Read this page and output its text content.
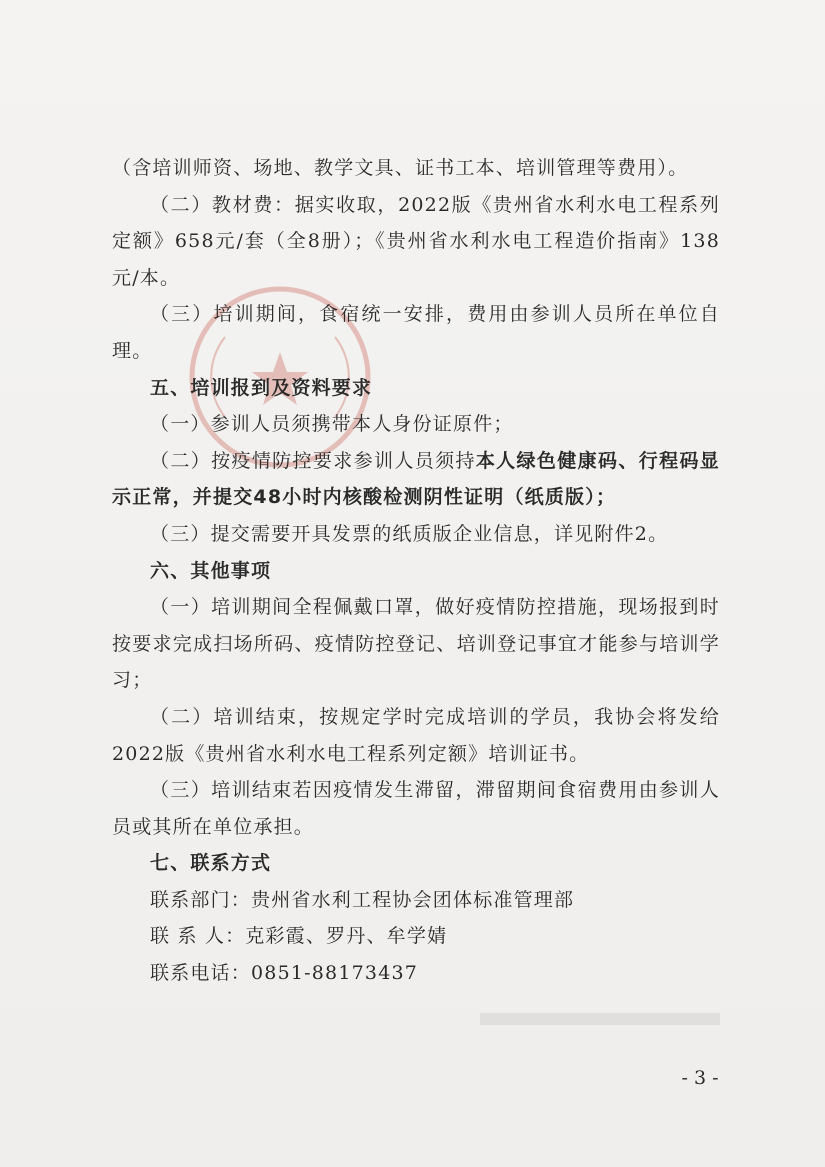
（含培训师资、场地、教学文具、证书工本、培训管理等费用）。

（二）教材费：据实收取，2022版《贵州省水利水电工程系列定额》658元/套（全8册）；《贵州省水利水电工程造价指南》138元/本。

（三）培训期间，食宿统一安排，费用由参训人员所在单位自理。

五、培训报到及资料要求

（一）参训人员须携带本人身份证原件；

（二）按疫情防控要求参训人员须持本人绿色健康码、行程码显示正常，并提交48小时内核酸检测阴性证明（纸质版）；

（三）提交需要开具发票的纸质版企业信息，详见附件2。

六、其他事项

（一）培训期间全程佩戴口罩，做好疫情防控措施，现场报到时按要求完成扫场所码、疫情防控登记、培训登记事宜才能参与培训学习；

（二）培训结束，按规定学时完成培训的学员，我协会将发给2022版《贵州省水利水电工程系列定额》培训证书。

（三）培训结束若因疫情发生滞留，滞留期间食宿费用由参训人员或其所在单位承担。

七、联系方式

联系部门：贵州省水利工程协会团体标准管理部

联 系 人：克彩霞、罗丹、牟学婧

联系电话：0851-88173437

- 3 -
